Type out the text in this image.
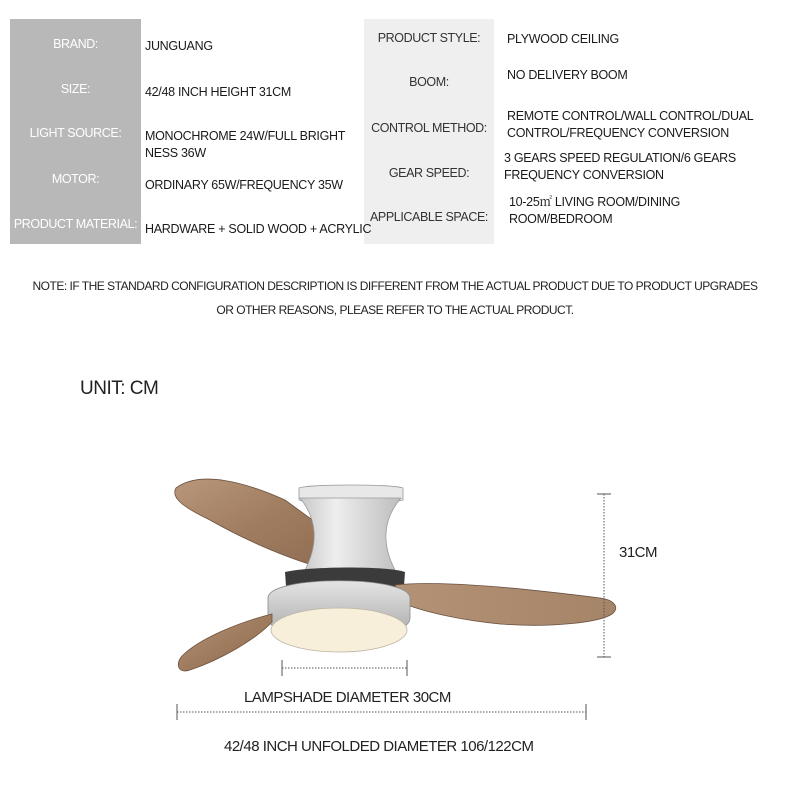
BRAND:
SIZE:
LIGHT SOURCE:
MOTOR:
PRODUCT MATERIAL:
JUNGUANG
42/48 INCH HEIGHT 31CM
MONOCHROME 24W/FULL BRIGHT NESS 36W
ORDINARY 65W/FREQUENCY 35W
HARDWARE + SOLID WOOD + ACRYLIC
PRODUCT STYLE:
BOOM:
CONTROL METHOD:
GEAR SPEED:
APPLICABLE SPACE:
PLYWOOD CEILING
NO DELIVERY BOOM
REMOTE CONTROL/WALL CONTROL/DUAL CONTROL/FREQUENCY CONVERSION
3 GEARS SPEED REGULATION/6 GEARS FREQUENCY CONVERSION
10-25㎡ LIVING ROOM/DINING ROOM/BEDROOM
NOTE: IF THE STANDARD CONFIGURATION DESCRIPTION IS DIFFERENT FROM THE ACTUAL PRODUCT DUE TO PRODUCT UPGRADES
OR OTHER REASONS, PLEASE REFER TO THE ACTUAL PRODUCT.
UNIT: CM
31CM
LAMPSHADE DIAMETER 30CM
42/48 INCH UNFOLDED DIAMETER 106/122CM
